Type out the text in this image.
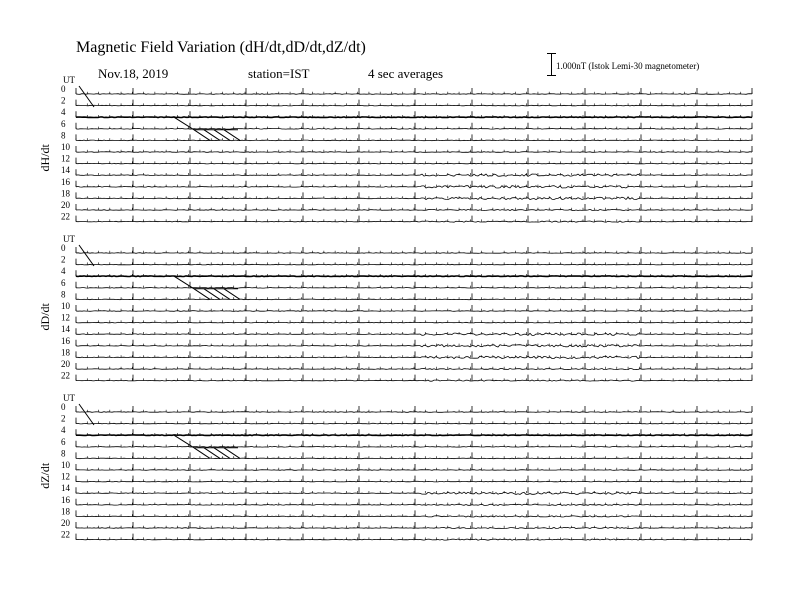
Magnetic Field Variation (dH/dt,dD/dt,dZ/dt)
Nov.18, 2019	station=IST	4 sec averages	1.000nT (Istok Lemi-30 magnetometer)
UT
dH/dt
0
2
4
6
8
10
12
14
16
18
20
22
UT
dD/dt
0
2
4
6
8
10
12
14
16
18
20
22
UT
dZ/dt
0
2
4
6
8
10
12
14
16
18
20
22
